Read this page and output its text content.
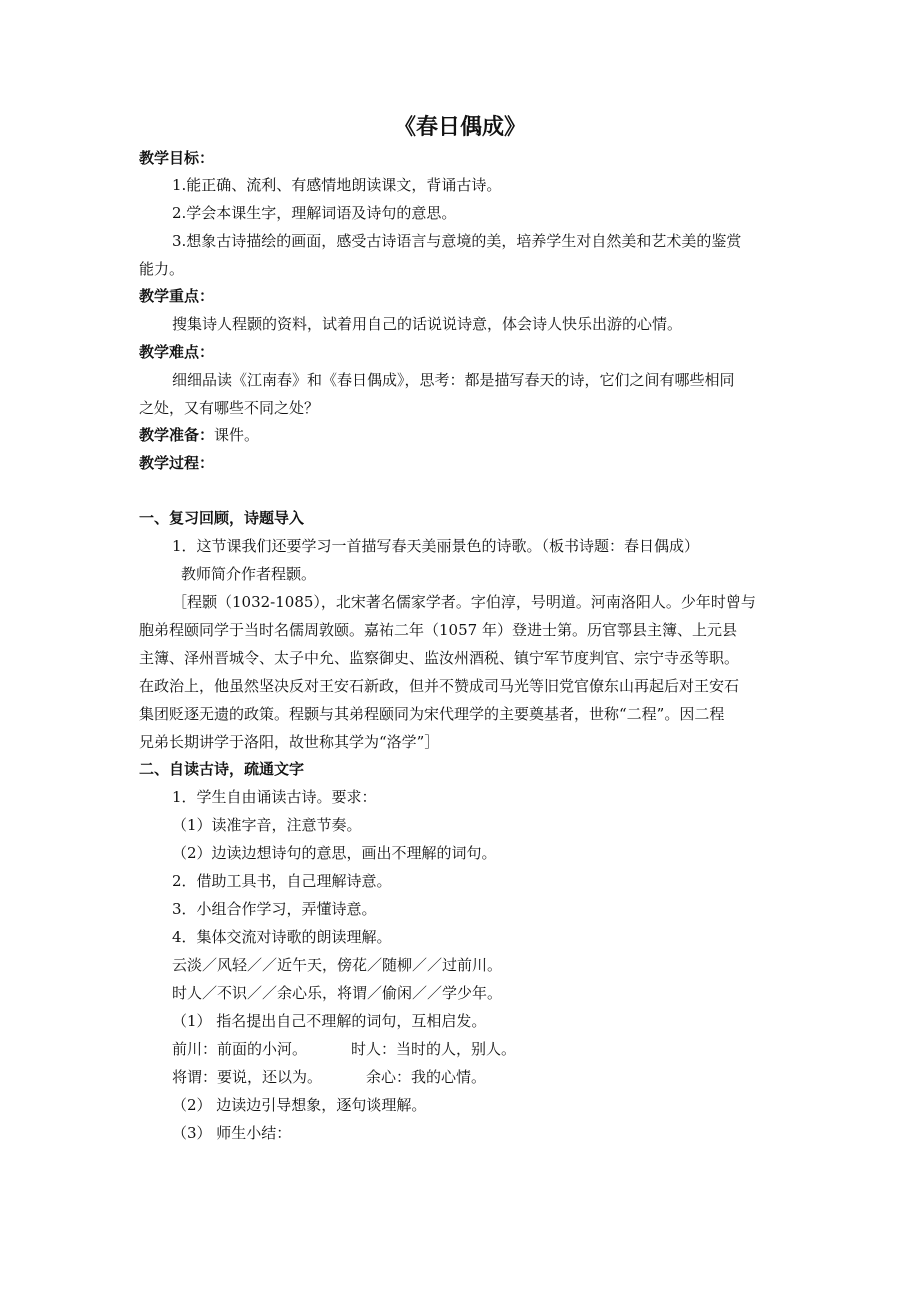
《春日偶成》
教学目标：
1.能正确、流利、有感情地朗读课文，背诵古诗。
2.学会本课生字，理解词语及诗句的意思。
3.想象古诗描绘的画面，感受古诗语言与意境的美，培养学生对自然美和艺术美的鉴赏
能力。
教学重点：
搜集诗人程颢的资料，试着用自己的话说说诗意，体会诗人快乐出游的心情。
教学难点：
细细品读《江南春》和《春日偶成》，思考：都是描写春天的诗，它们之间有哪些相同
之处，又有哪些不同之处？
教学准备：课件。
教学过程：
一、复习回顾，诗题导入
1．这节课我们还要学习一首描写春天美丽景色的诗歌。（板书诗题：春日偶成）
教师简介作者程颢。
［程颢（1032-1085），北宋著名儒家学者。字伯淳，号明道。河南洛阳人。少年时曾与
胞弟程颐同学于当时名儒周敦颐。嘉祐二年（1057 年）登进士第。历官鄠县主簿、上元县
主簿、泽州晋城令、太子中允、监察御史、监汝州酒税、镇宁军节度判官、宗宁寺丞等职。
在政治上，他虽然坚决反对王安石新政，但并不赞成司马光等旧党官僚东山再起后对王安石
集团贬逐无遗的政策。程颢与其弟程颐同为宋代理学的主要奠基者，世称“二程”。因二程
兄弟长期讲学于洛阳，故世称其学为“洛学”］
二、自读古诗，疏通文字
1．学生自由诵读古诗。要求：
（1）读准字音，注意节奏。
（2）边读边想诗句的意思，画出不理解的词句。
2．借助工具书，自己理解诗意。
3．小组合作学习，弄懂诗意。
4．集体交流对诗歌的朗读理解。
云淡／风轻／／近午天，傍花／随柳／／过前川。
时人／不识／／余心乐，将谓／偷闲／／学少年。
（1） 指名提出自己不理解的词句，互相启发。
前川：前面的小河。	时人：当时的人，别人。
将谓：要说，还以为。	余心：我的心情。
（2） 边读边引导想象，逐句谈理解。
（3） 师生小结：
